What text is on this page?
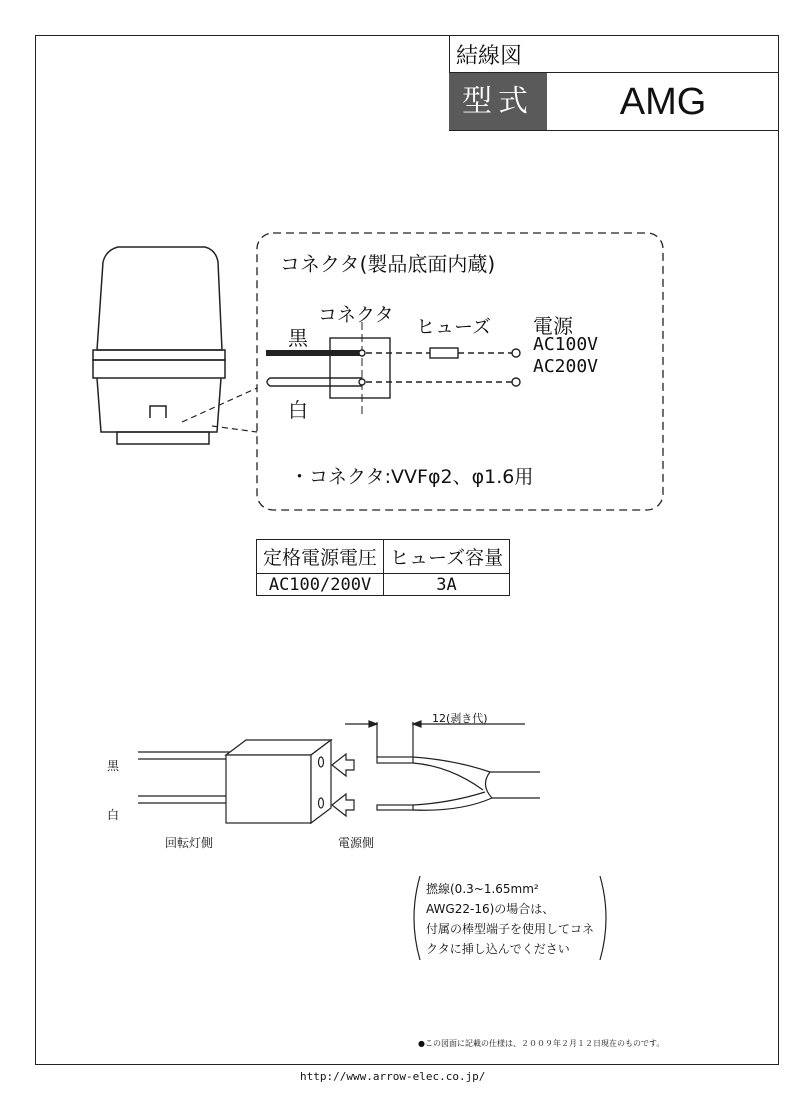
結線図
型式	AMG
コネクタ(製品底面内蔵)
コネクタ
ヒューズ
黒
白
電源
AC100V
AC200V
・コネクタ:VVFφ2、φ1.6用
定格電源電圧	ヒューズ容量
AC100/200V	3A
黒
白
回転灯側	電源側
12(剥き代)
撚線(0.3~1.65mm²
AWG22-16)の場合は、
付属の棒型端子を使用してコネ
クタに挿し込んでください
●この図面に記載の仕様は、２００９年２月１２日現在のものです。
http://www.arrow-elec.co.jp/
